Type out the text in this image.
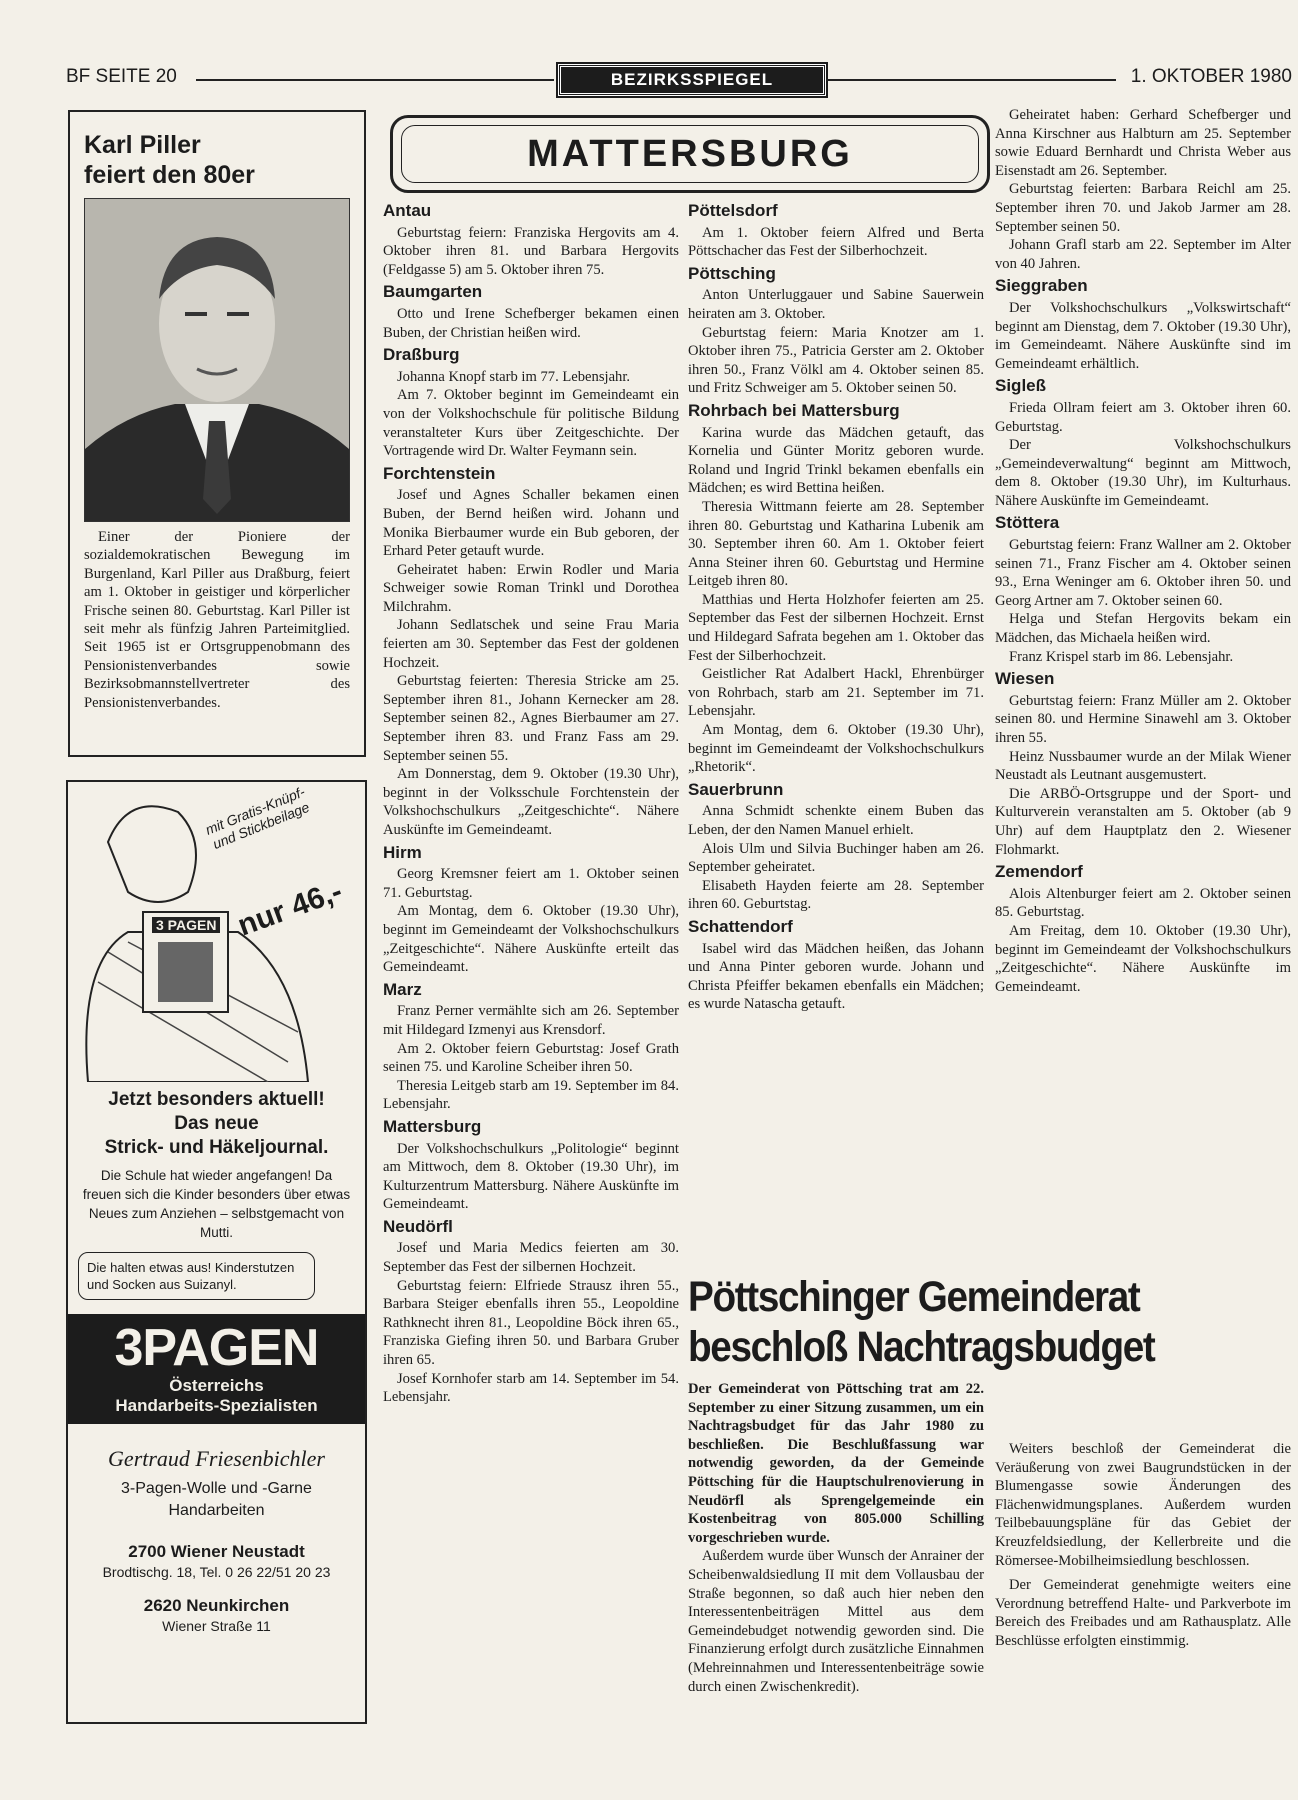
BF SEITE 20	BEZIRKSSPIEGEL	1. OKTOBER 1980
Karl Piller
feiert den 80er

Einer der Pioniere der sozialdemokratischen Bewegung im Burgenland, Karl Piller aus Draßburg, feiert am 1. Oktober in geistiger und körperlicher Frische seinen 80. Geburtstag. Karl Piller ist seit mehr als fünfzig Jahren Parteimitglied. Seit 1965 ist er Ortsgruppenobmann des Pensionistenverbandes sowie Bezirksobmannstellvertreter des Pensionistenverbandes.

mit Gratis-Knüpf- und Stickbeilage
nur 46,-
3 PAGEN
Jetzt besonders aktuell!
Das neue
Strick- und Häkeljournal.
Die Schule hat wieder angefangen! Da freuen sich die Kinder besonders über etwas Neues zum Anziehen – selbstgemacht von Mutti.
Die halten etwas aus! Kinderstutzen und Socken aus Suizanyl.
3PAGEN
Österreichs
Handarbeits-Spezialisten
Gertraud Friesenbichler
3-Pagen-Wolle und -Garne
Handarbeiten
2700 Wiener Neustadt
Brodtischg. 18, Tel. 0 26 22/51 20 23
2620 Neunkirchen
Wiener Straße 11
MATTERSBURG
Antau

Geburtstag feiern: Franziska Hergovits am 4. Oktober ihren 81. und Barbara Hergovits (Feldgasse 5) am 5. Oktober ihren 75.

Baumgarten

Otto und Irene Schefberger bekamen einen Buben, der Christian heißen wird.

Draßburg

Johanna Knopf starb im 77. Lebensjahr.

Am 7. Oktober beginnt im Gemeindeamt ein von der Volkshochschule für politische Bildung veranstalteter Kurs über Zeitgeschichte. Der Vortragende wird Dr. Walter Feymann sein.

Forchtenstein

Josef und Agnes Schaller bekamen einen Buben, der Bernd heißen wird. Johann und Monika Bierbaumer wurde ein Bub geboren, der Erhard Peter getauft wurde.

Geheiratet haben: Erwin Rodler und Maria Schweiger sowie Roman Trinkl und Dorothea Milchrahm.

Johann Sedlatschek und seine Frau Maria feierten am 30. September das Fest der goldenen Hochzeit.

Geburtstag feierten: Theresia Stricke am 25. September ihren 81., Johann Kernecker am 28. September seinen 82., Agnes Bierbaumer am 27. September ihren 83. und Franz Fass am 29. September seinen 55.

Am Donnerstag, dem 9. Oktober (19.30 Uhr), beginnt in der Volksschule Forchtenstein der Volkshochschulkurs „Zeitgeschichte“. Nähere Auskünfte im Gemeindeamt.

Hirm

Georg Kremsner feiert am 1. Oktober seinen 71. Geburtstag.

Am Montag, dem 6. Oktober (19.30 Uhr), beginnt im Gemeindeamt der Volkshochschulkurs „Zeitgeschichte“. Nähere Auskünfte erteilt das Gemeindeamt.

Marz

Franz Perner vermählte sich am 26. September mit Hildegard Izmenyi aus Krensdorf.

Am 2. Oktober feiern Geburtstag: Josef Grath seinen 75. und Karoline Scheiber ihren 50.

Theresia Leitgeb starb am 19. September im 84. Lebensjahr.

Mattersburg

Der Volkshochschulkurs „Politologie“ beginnt am Mittwoch, dem 8. Oktober (19.30 Uhr), im Kulturzentrum Mattersburg. Nähere Auskünfte im Gemeindeamt.

Neudörfl

Josef und Maria Medics feierten am 30. September das Fest der silbernen Hochzeit.

Geburtstag feiern: Elfriede Strausz ihren 55., Barbara Steiger ebenfalls ihren 55., Leopoldine Rathknecht ihren 81., Leopoldine Böck ihren 65., Franziska Giefing ihren 50. und Barbara Gruber ihren 65.

Josef Kornhofer starb am 14. September im 54. Lebensjahr.

Pöttelsdorf

Am 1. Oktober feiern Alfred und Berta Pöttschacher das Fest der Silberhochzeit.

Pöttsching

Anton Unterluggauer und Sabine Sauerwein heiraten am 3. Oktober.

Geburtstag feiern: Maria Knotzer am 1. Oktober ihren 75., Patricia Gerster am 2. Oktober ihren 50., Franz Völkl am 4. Oktober seinen 85. und Fritz Schweiger am 5. Oktober seinen 50.

Rohrbach bei Mattersburg

Karina wurde das Mädchen getauft, das Kornelia und Günter Moritz geboren wurde. Roland und Ingrid Trinkl bekamen ebenfalls ein Mädchen; es wird Bettina heißen.

Theresia Wittmann feierte am 28. September ihren 80. Geburtstag und Katharina Lubenik am 30. September ihren 60. Am 1. Oktober feiert Anna Steiner ihren 60. Geburtstag und Hermine Leitgeb ihren 80.

Matthias und Herta Holzhofer feierten am 25. September das Fest der silbernen Hochzeit. Ernst und Hildegard Safrata begehen am 1. Oktober das Fest der Silberhochzeit.

Geistlicher Rat Adalbert Hackl, Ehrenbürger von Rohrbach, starb am 21. September im 71. Lebensjahr.

Am Montag, dem 6. Oktober (19.30 Uhr), beginnt im Gemeindeamt der Volkshochschulkurs „Rhetorik“.

Sauerbrunn

Anna Schmidt schenkte einem Buben das Leben, der den Namen Manuel erhielt.

Alois Ulm und Silvia Buchinger haben am 26. September geheiratet.

Elisabeth Hayden feierte am 28. September ihren 60. Geburtstag.

Schattendorf

Isabel wird das Mädchen heißen, das Johann und Anna Pinter geboren wurde. Johann und Christa Pfeiffer bekamen ebenfalls ein Mädchen; es wurde Natascha getauft.

Geheiratet haben: Gerhard Schefberger und Anna Kirschner aus Halbturn am 25. September sowie Eduard Bernhardt und Christa Weber aus Eisenstadt am 26. September.

Geburtstag feierten: Barbara Reichl am 25. September ihren 70. und Jakob Jarmer am 28. September seinen 50.

Johann Grafl starb am 22. September im Alter von 40 Jahren.

Sieggraben

Der Volkshochschulkurs „Volkswirtschaft“ beginnt am Dienstag, dem 7. Oktober (19.30 Uhr), im Gemeindeamt. Nähere Auskünfte sind im Gemeindeamt erhältlich.

Sigleß

Frieda Ollram feiert am 3. Oktober ihren 60. Geburtstag.

Der Volkshochschulkurs „Gemeindeverwaltung“ beginnt am Mittwoch, dem 8. Oktober (19.30 Uhr), im Kulturhaus. Nähere Auskünfte im Gemeindeamt.

Stöttera

Geburtstag feiern: Franz Wallner am 2. Oktober seinen 71., Franz Fischer am 4. Oktober seinen 93., Erna Weninger am 6. Oktober ihren 50. und Georg Artner am 7. Oktober seinen 60.

Helga und Stefan Hergovits bekam ein Mädchen, das Michaela heißen wird.

Franz Krispel starb im 86. Lebensjahr.

Wiesen

Geburtstag feiern: Franz Müller am 2. Oktober seinen 80. und Hermine Sinawehl am 3. Oktober ihren 55.

Heinz Nussbaumer wurde an der Milak Wiener Neustadt als Leutnant ausgemustert.

Die ARBÖ-Ortsgruppe und der Sport- und Kulturverein veranstalten am 5. Oktober (ab 9 Uhr) auf dem Hauptplatz den 2. Wiesener Flohmarkt.

Zemendorf

Alois Altenburger feiert am 2. Oktober seinen 85. Geburtstag.

Am Freitag, dem 10. Oktober (19.30 Uhr), beginnt im Gemeindeamt der Volkshochschulkurs „Zeitgeschichte“. Nähere Auskünfte im Gemeindeamt.

Pöttschinger Gemeinderat
beschloß Nachtragsbudget

Der Gemeinderat von Pöttsching trat am 22. September zu einer Sitzung zusammen, um ein Nachtragsbudget für das Jahr 1980 zu beschließen. Die Beschlußfassung war notwendig geworden, da der Gemeinde Pöttsching für die Hauptschulrenovierung in Neudörfl als Sprengelgemeinde ein Kostenbeitrag von 805.000 Schilling vorgeschrieben wurde.

Außerdem wurde über Wunsch der Anrainer der Scheibenwaldsiedlung II mit dem Vollausbau der Straße begonnen, so daß auch hier neben den Interessentenbeiträgen Mittel aus dem Gemeindebudget notwendig geworden sind. Die Finanzierung erfolgt durch zusätzliche Einnahmen (Mehreinnahmen und Interessentenbeiträge sowie durch einen Zwischenkredit).

Weiters beschloß der Gemeinderat die Veräußerung von zwei Baugrundstücken in der Blumengasse sowie Änderungen des Flächenwidmungsplanes. Außerdem wurden Teilbebauungspläne für das Gebiet der Kreuzfeldsiedlung, der Kellerbreite und die Römersee-Mobilheimsiedlung beschlossen.

Der Gemeinderat genehmigte weiters eine Verordnung betreffend Halte- und Parkverbote im Bereich des Freibades und am Rathausplatz. Alle Beschlüsse erfolgten einstimmig.
